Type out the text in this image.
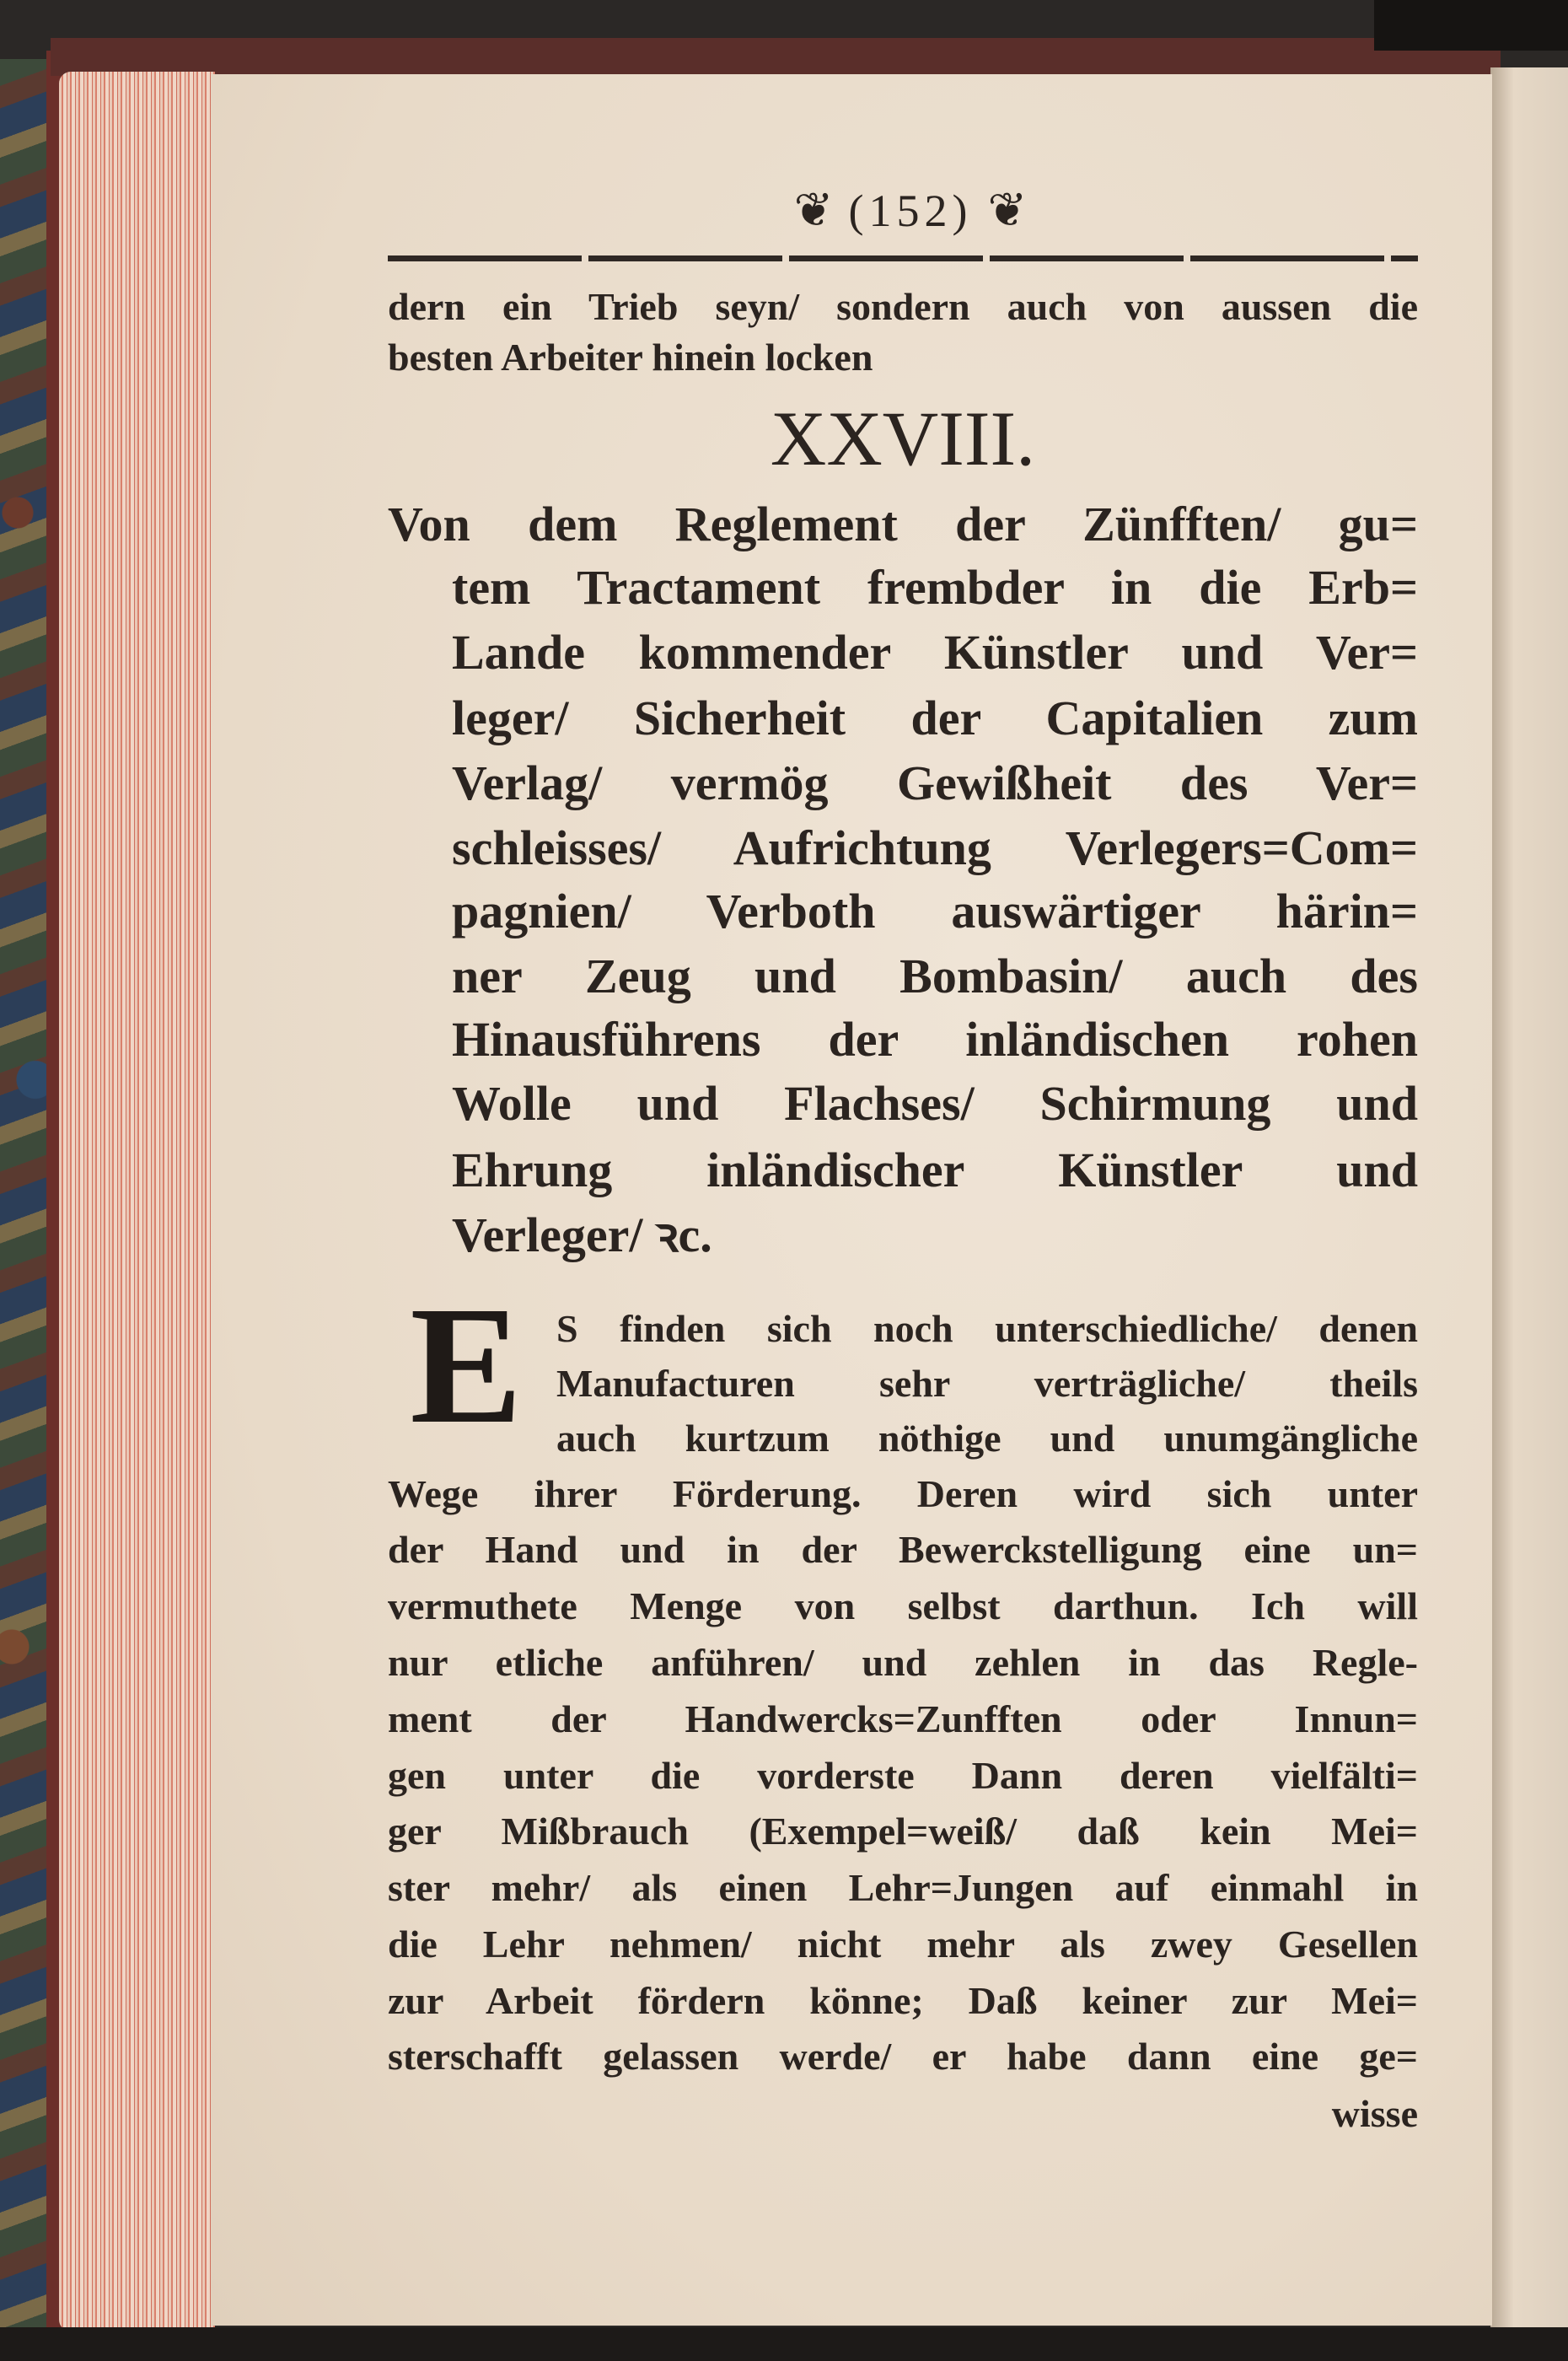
❦ (152) ❦
dern ein Trieb seyn/ sondern auch von aussen die
besten Arbeiter hinein locken
XXVIII.
Von dem Reglement der Zünfften/ gu=
tem Tractament frembder in die Erb=
Lande kommender Künstler und Ver=
leger/ Sicherheit der Capitalien zum
Verlag/ vermög Gewißheit des Ver=
schleisses/ Aufrichtung Verlegers=Com=
pagnien/ Verboth auswärtiger härin=
ner Zeug und Bombasin/ auch des
Hinausführens der inländischen rohen
Wolle und Flachses/ Schirmung und
Ehrung inländischer Künstler und
Verleger/ ꝛc.
E S finden sich noch unterschiedliche/ denen
Manufacturen sehr verträgliche/ theils
auch kurtzum nöthige und unumgängliche
Wege ihrer Förderung. Deren wird sich unter
der Hand und in der Bewerckstelligung eine un=
vermuthete Menge von selbst darthun. Ich will
nur etliche anführen/ und zehlen in das Regle-
ment der Handwercks=Zunfften oder Innun=
gen unter die vorderste Dann deren vielfälti=
ger Mißbrauch (Exempel=weiß/ daß kein Mei=
ster mehr/ als einen Lehr=Jungen auf einmahl in
die Lehr nehmen/ nicht mehr als zwey Gesellen
zur Arbeit fördern könne; Daß keiner zur Mei=
sterschafft gelassen werde/ er habe dann eine ge=
wisse
